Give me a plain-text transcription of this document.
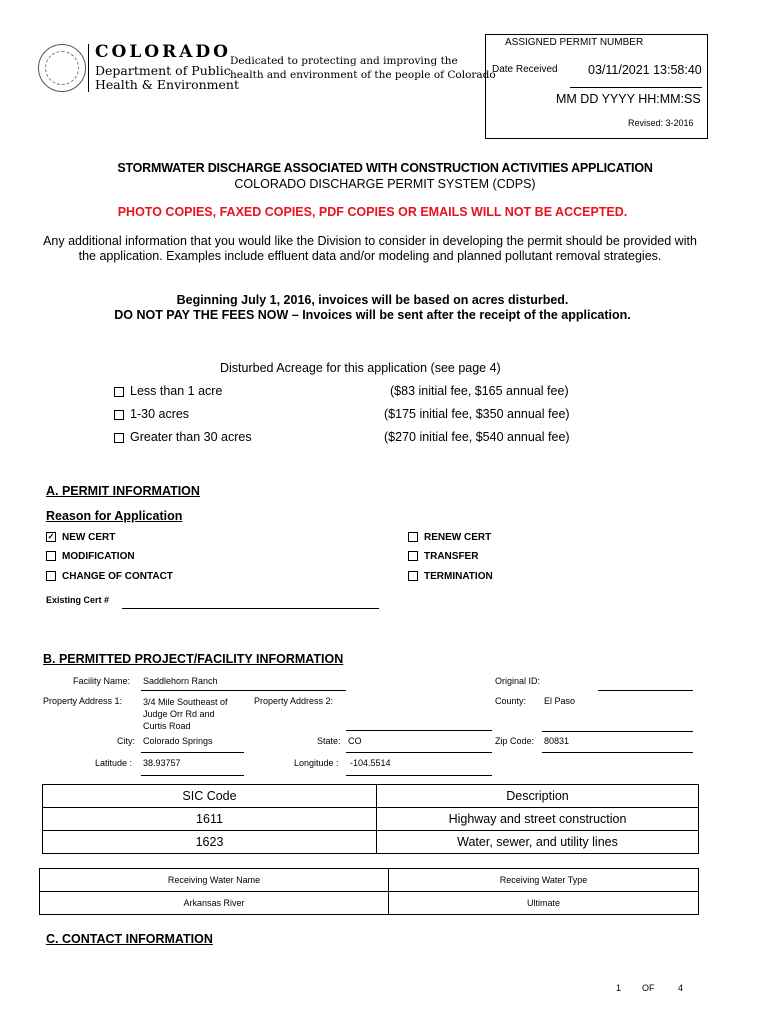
COLORADO
Department of Public
Health & Environment
Dedicated to protecting and improving the
health and environment of the people of Colorado
ASSIGNED PERMIT NUMBER
Date Received 03/11/2021 13:58:40
MM DD YYYY HH:MM:SS
Revised: 3-2016
STORMWATER DISCHARGE ASSOCIATED WITH CONSTRUCTION ACTIVITIES APPLICATION
COLORADO DISCHARGE PERMIT SYSTEM (CDPS)
PHOTO COPIES, FAXED COPIES, PDF COPIES OR EMAILS WILL NOT BE ACCEPTED.
Any additional information that you would like the Division to consider in developing the permit should be provided with
the application. Examples include effluent data and/or modeling and planned pollutant removal strategies.
Beginning July 1, 2016, invoices will be based on acres disturbed.
DO NOT PAY THE FEES NOW – Invoices will be sent after the receipt of the application.
Disturbed Acreage for this application (see page 4)
Less than 1 acre	($83 initial fee, $165 annual fee)
1-30 acres	($175 initial fee, $350 annual fee)
Greater than 30 acres	($270 initial fee, $540 annual fee)
A. PERMIT INFORMATION
Reason for Application
✓ NEW CERT	RENEW CERT
MODIFICATION	TRANSFER
CHANGE OF CONTACT	TERMINATION
Existing Cert #
B. PERMITTED PROJECT/FACILITY INFORMATION
Facility Name: Saddlehorn Ranch	Original ID:
Property Address 1: 3/4 Mile Southeast of
Judge Orr Rd and
Curtis Road
Property Address 2:	County: El Paso
City: Colorado Springs	State: CO	Zip Code: 80831
Latitude : 38.93757	Longitude : -104.5514
SIC Code	Description
1611	Highway and street construction
1623	Water, sewer, and utility lines
Receiving Water Name	Receiving Water Type
Arkansas River	Ultimate
C. CONTACT INFORMATION
1 OF	4
